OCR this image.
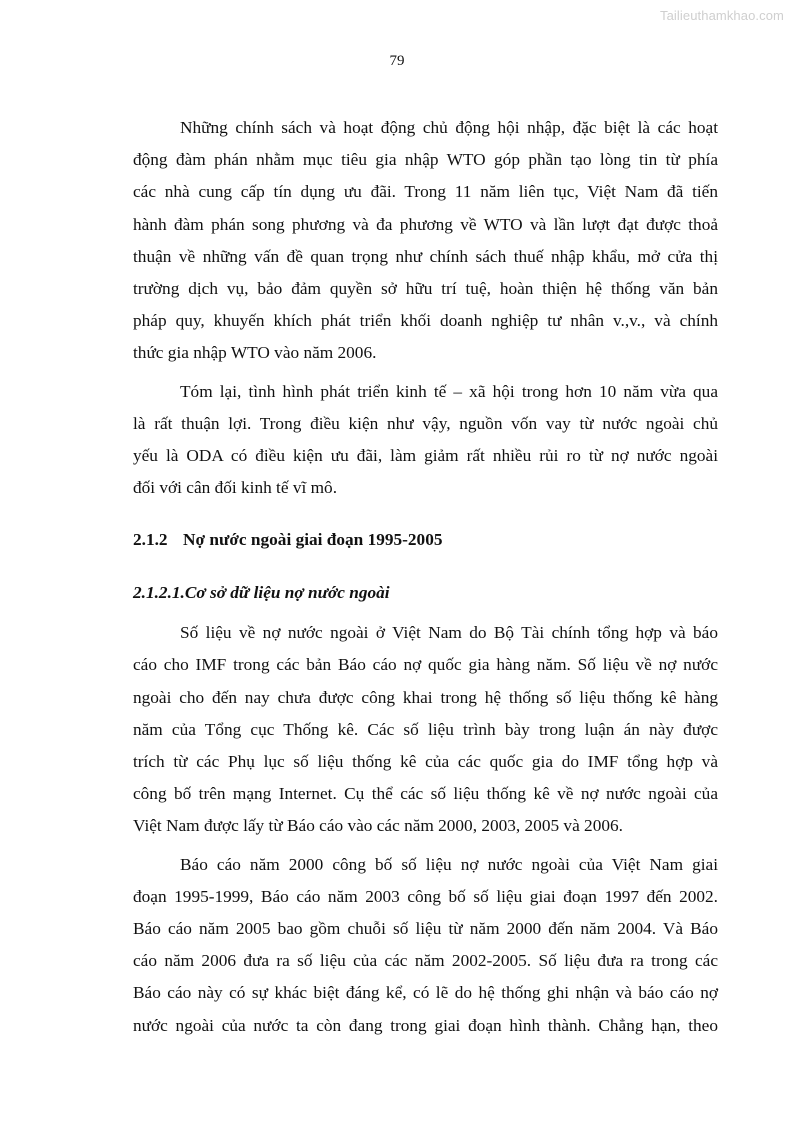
Tailieuthamkhao.com
79

Những chính sách và hoạt động chủ động hội nhập, đặc biệt là các hoạt
động đàm phán nhằm mục tiêu gia nhập WTO góp phần tạo lòng tin từ phía
các nhà cung cấp tín dụng ưu đãi. Trong 11 năm liên tục, Việt Nam đã tiến
hành đàm phán song phương và đa phương về WTO và lần lượt đạt được thoả
thuận về những vấn đề quan trọng như chính sách thuế nhập khẩu, mở cửa thị
trường dịch vụ, bảo đảm quyền sở hữu trí tuệ, hoàn thiện hệ thống văn bản
pháp quy, khuyến khích phát triển khối doanh nghiệp tư nhân v.,v., và chính
thức gia nhập WTO vào năm 2006.

Tóm lại, tình hình phát triển kinh tế – xã hội trong hơn 10 năm vừa qua
là rất thuận lợi. Trong điều kiện như vậy, nguồn vốn vay từ nước ngoài chủ
yếu là ODA có điều kiện ưu đãi, làm giảm rất nhiều rủi ro từ nợ nước ngoài
đối với cân đối kinh tế vĩ mô.

2.1.2 Nợ nước ngoài giai đoạn 1995-2005
2.1.2.1.Cơ sở dữ liệu nợ nước ngoài

Số liệu về nợ nước ngoài ở Việt Nam do Bộ Tài chính tổng hợp và báo
cáo cho IMF trong các bản Báo cáo nợ quốc gia hàng năm. Số liệu về nợ nước
ngoài cho đến nay chưa được công khai trong hệ thống số liệu thống kê hàng
năm của Tổng cục Thống kê. Các số liệu trình bày trong luận án này được
trích từ các Phụ lục số liệu thống kê của các quốc gia do IMF tổng hợp và
công bố trên mạng Internet. Cụ thể các số liệu thống kê về nợ nước ngoài của
Việt Nam được lấy từ Báo cáo vào các năm 2000, 2003, 2005 và 2006.

Báo cáo năm 2000 công bố số liệu nợ nước ngoài của Việt Nam giai
đoạn 1995-1999, Báo cáo năm 2003 công bố số liệu giai đoạn 1997 đến 2002.
Báo cáo năm 2005 bao gồm chuỗi số liệu từ năm 2000 đến năm 2004. Và Báo
cáo năm 2006 đưa ra số liệu của các năm 2002-2005. Số liệu đưa ra trong các
Báo cáo này có sự khác biệt đáng kể, có lẽ do hệ thống ghi nhận và báo cáo nợ
nước ngoài của nước ta còn đang trong giai đoạn hình thành. Chẳng hạn, theo
